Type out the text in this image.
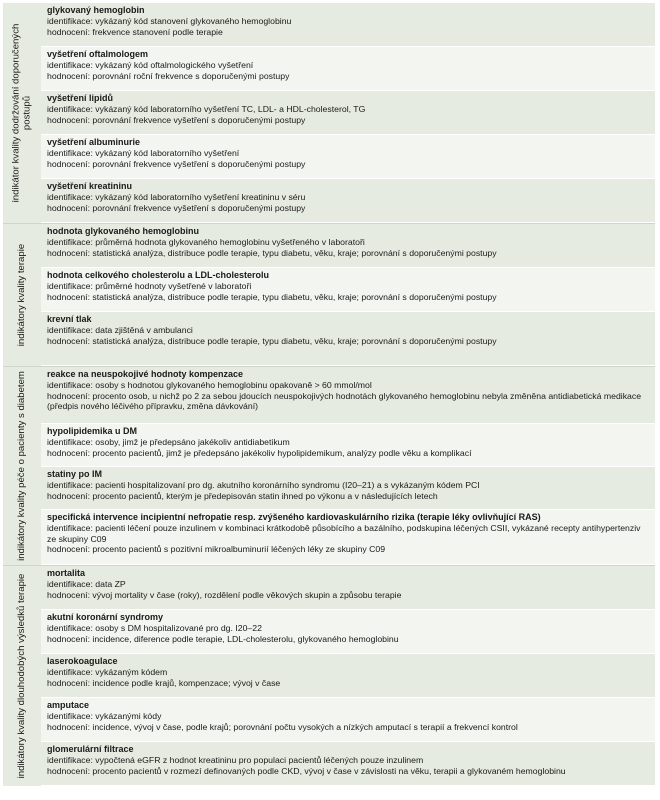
indikátor kvality dodržování doporučených postupů
glykovaný hemoglobin
identifikace: vykázaný kód stanovení glykovaného hemoglobinu
hodnocení: frekvence stanovení podle terapie
vyšetření oftalmologem
identifikace: vykázaný kód oftalmologického vyšetření
hodnocení: porovnání roční frekvence s doporučenými postupy
vyšetření lipidů
identifikace: vykázaný kód laboratorního vyšetření TC, LDL- a HDL-cholesterol, TG
hodnocení: porovnání frekvence vyšetření s doporučenými postupy
vyšetření albuminurie
identifikace: vykázaný kód laboratorního vyšetření
hodnocení: porovnání frekvence vyšetření s doporučenými postupy
vyšetření kreatininu
identifikace: vykázaný kód laboratorního vyšetření kreatininu v séru
hodnocení: porovnání frekvence vyšetření s doporučenými postupy
indikátory kvality terapie
hodnota glykovaného hemoglobinu
identifikace: průměrná hodnota glykovaného hemoglobinu vyšetřeného v laboratoři
hodnocení: statistická analýza, distribuce podle terapie, typu diabetu, věku, kraje; porovnání s doporučenými postupy
hodnota celkového cholesterolu a LDL-cholesterolu
identifikace: průměrné hodnoty vyšetřené v laboratoři
hodnocení: statistická analýza, distribuce podle terapie, typu diabetu, věku, kraje; porovnání s doporučenými postupy
krevní tlak
identifikace: data zjištěná v ambulanci
hodnocení: statistická analýza, distribuce podle terapie, typu diabetu, věku, kraje; porovnání s doporučenými postupy
indikátory kvality péče o pacienty s diabetem reakce na neuspokojivé hodnoty kompenzace
identifikace: osoby s hodnotou glykovaného hemoglobinu opakovaně > 60 mmol/mol
hodnocení: procento osob, u nichž po 2 za sebou jdoucích neuspokojivých hodnotách glykovaného hemoglobinu nebyla změněna antidiabetická medikace (předpis nového léčivého přípravku, změna dávkování)
hypolipidemika u DM
identifikace: osoby, jimž je předepsáno jakékoliv antidiabetikum
hodnocení: procento pacientů, jimž je předepsáno jakékoliv hypolipidemikum, analýzy podle věku a komplikací
statiny po IM
identifikace: pacienti hospitalizovaní pro dg. akutního koronárního syndromu (I20–21) a s vykázaným kódem PCI
hodnocení: procento pacientů, kterým je předepisován statin ihned po výkonu a v následujících letech
specifická intervence incipientní nefropatie resp. zvýšeného kardiovaskulárního rizika (terapie léky ovlivňující RAS)
identifikace: pacienti léčení pouze inzulinem v kombinaci krátkodobě působícího a bazálního, podskupina léčených CSII, vykázané recepty antihypertenziv ze skupiny C09
hodnocení: procento pacientů s pozitivní mikroalbuminurií léčených léky ze skupiny C09
indikátory kvality dlouhodobých výsledků terapie
mortalita
identifikace: data ZP
hodnocení: vývoj mortality v čase (roky), rozdělení podle věkových skupin a způsobu terapie
akutní koronární syndromy
identifikace: osoby s DM hospitalizované pro dg. I20–22
hodnocení: incidence, diference podle terapie, LDL-cholesterolu, glykovaného hemoglobinu
laserokoagulace
identifikace: vykázaným kódem
hodnocení: incidence podle krajů, kompenzace; vývoj v čase
amputace
identifikace: vykázanými kódy
hodnocení: incidence, vývoj v čase, podle krajů; porovnání počtu vysokých a nízkých amputací s terapií a frekvencí kontrol
glomerulární filtrace
identifikace: vypočtená eGFR z hodnot kreatininu pro populaci pacientů léčených pouze inzulinem
hodnocení: procento pacientů v rozmezí definovaných podle CKD, vývoj v čase v závislosti na věku, terapii a glykovaném hemoglobinu
